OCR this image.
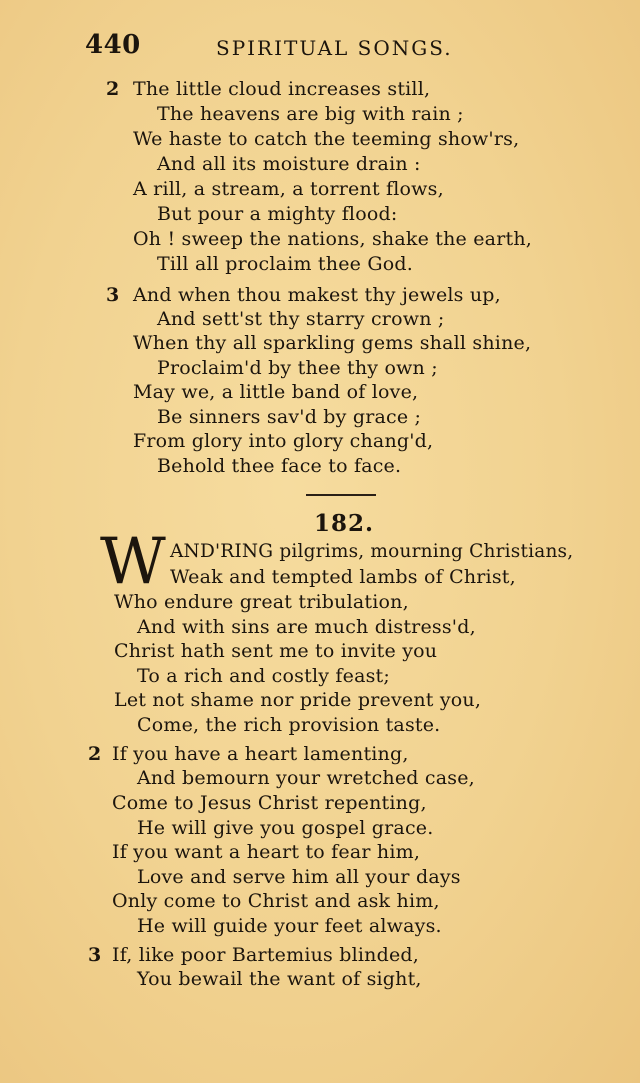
440	SPIRITUAL SONGS.
2 The little cloud increases still,
The heavens are big with rain ;
We haste to catch the teeming show'rs,
And all its moisture drain :
A rill, a stream, a torrent flows,
But pour a mighty flood:
Oh ! sweep the nations, shake the earth,
Till all proclaim thee God.
3 And when thou makest thy jewels up,
And sett'st thy starry crown ;
When thy all sparkling gems shall shine,
Proclaim'd by thee thy own ;
May we, a little band of love,
Be sinners sav'd by grace ;
From glory into glory chang'd,
Behold thee face to face.
182.
W AND'RING pilgrims, mourning Christians,
Weak and tempted lambs of Christ,
Who endure great tribulation,
And with sins are much distress'd,
Christ hath sent me to invite you
To a rich and costly feast;
Let not shame nor pride prevent you,
Come, the rich provision taste.
2 If you have a heart lamenting,
And bemourn your wretched case,
Come to Jesus Christ repenting,
He will give you gospel grace.
If you want a heart to fear him,
Love and serve him all your days
Only come to Christ and ask him,
He will guide your feet always.
3 If, like poor Bartemius blinded,
You bewail the want of sight,
